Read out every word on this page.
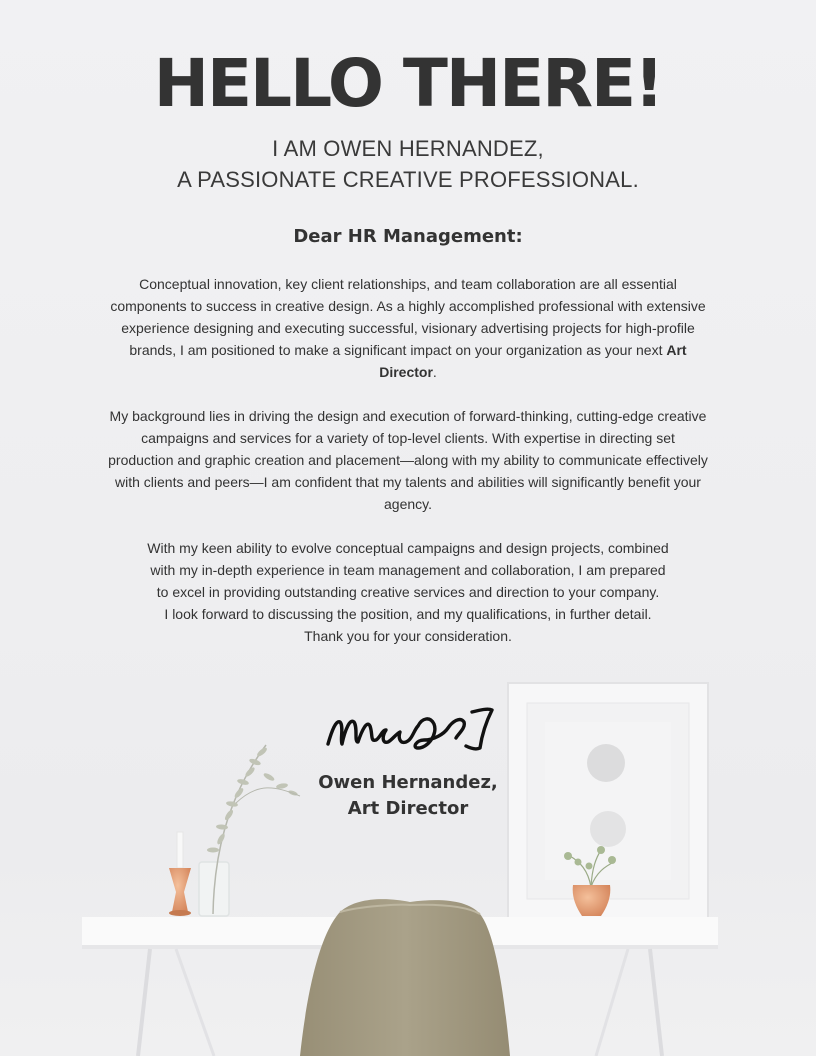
HELLO THERE!
I AM OWEN HERNANDEZ,
A PASSIONATE CREATIVE PROFESSIONAL.
Dear HR Management:

Conceptual innovation, key client relationships, and team collaboration are all essential components to success in creative design. As a highly accomplished professional with extensive experience designing and executing successful, visionary advertising projects for high-profile brands, I am positioned to make a significant impact on your organization as your next Art Director.

My background lies in driving the design and execution of forward-thinking, cutting-edge creative campaigns and services for a variety of top-level clients. With expertise in directing set production and graphic creation and placement—along with my ability to communicate effectively with clients and peers—I am confident that my talents and abilities will significantly benefit your agency.

With my keen ability to evolve conceptual campaigns and design projects, combined
with my in-depth experience in team management and collaboration, I am prepared
to excel in providing outstanding creative services and direction to your company.
I look forward to discussing the position, and my qualifications, in further detail.
Thank you for your consideration.

Owen Hernandez,
Art Director
